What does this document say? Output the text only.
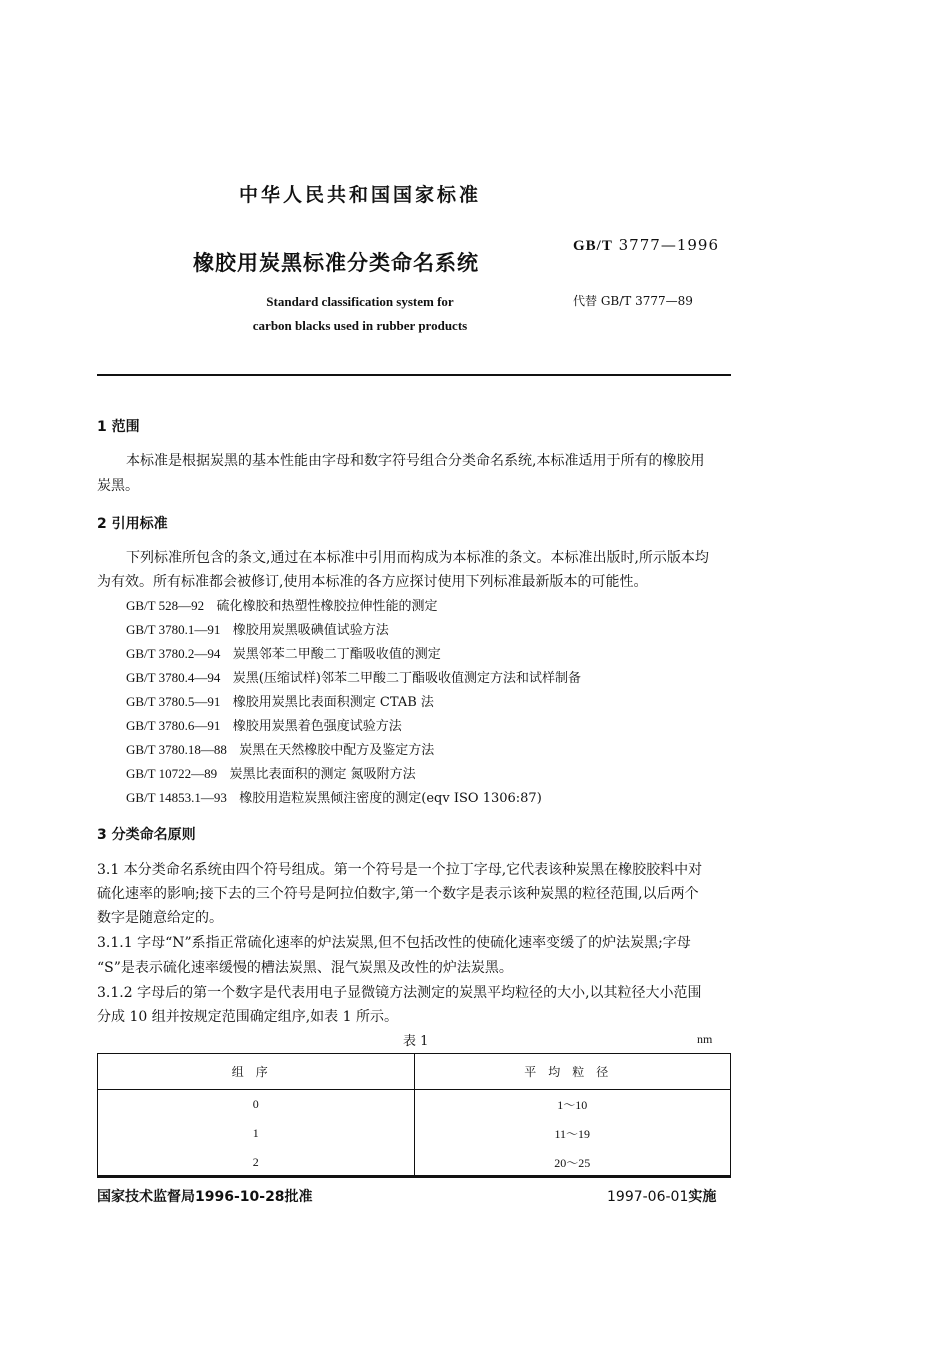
中华人民共和国国家标准
橡胶用炭黑标准分类命名系统
GB/T 3777—1996
代替 GB/T 3777—89
Standard classification system for
carbon blacks used in rubber products
1 范围
本标准是根据炭黑的基本性能由字母和数字符号组合分类命名系统,本标准适用于所有的橡胶用
炭黑。
2 引用标准
下列标准所包含的条文,通过在本标准中引用而构成为本标准的条文。本标准出版时,所示版本均
为有效。所有标准都会被修订,使用本标准的各方应探讨使用下列标准最新版本的可能性。
GB/T 528—92 硫化橡胶和热塑性橡胶拉伸性能的测定
GB/T 3780.1—91 橡胶用炭黑吸碘值试验方法
GB/T 3780.2—94 炭黑邻苯二甲酸二丁酯吸收值的测定
GB/T 3780.4—94 炭黑(压缩试样)邻苯二甲酸二丁酯吸收值测定方法和试样制备
GB/T 3780.5—91 橡胶用炭黑比表面积测定 CTAB 法
GB/T 3780.6—91 橡胶用炭黑着色强度试验方法
GB/T 3780.18—88 炭黑在天然橡胶中配方及鉴定方法
GB/T 10722—89 炭黑比表面积的测定 氮吸附方法
GB/T 14853.1—93 橡胶用造粒炭黑倾注密度的测定(eqv ISO 1306:87)
3 分类命名原则
3.1 本分类命名系统由四个符号组成。第一个符号是一个拉丁字母,它代表该种炭黑在橡胶胶料中对
硫化速率的影响;接下去的三个符号是阿拉伯数字,第一个数字是表示该种炭黑的粒径范围,以后两个
数字是随意给定的。
3.1.1 字母“N”系指正常硫化速率的炉法炭黑,但不包括改性的使硫化速率变缓了的炉法炭黑;字母
“S”是表示硫化速率缓慢的槽法炭黑、混气炭黑及改性的炉法炭黑。
3.1.2 字母后的第一个数字是代表用电子显微镜方法测定的炭黑平均粒径的大小,以其粒径大小范围
分成 10 组并按规定范围确定组序,如表 1 所示。
表 1	nm
组序	平均粒径
0	1～10
1	11～19
2	20～25
国家技术监督局1996-10-28批准	1997-06-01实施
